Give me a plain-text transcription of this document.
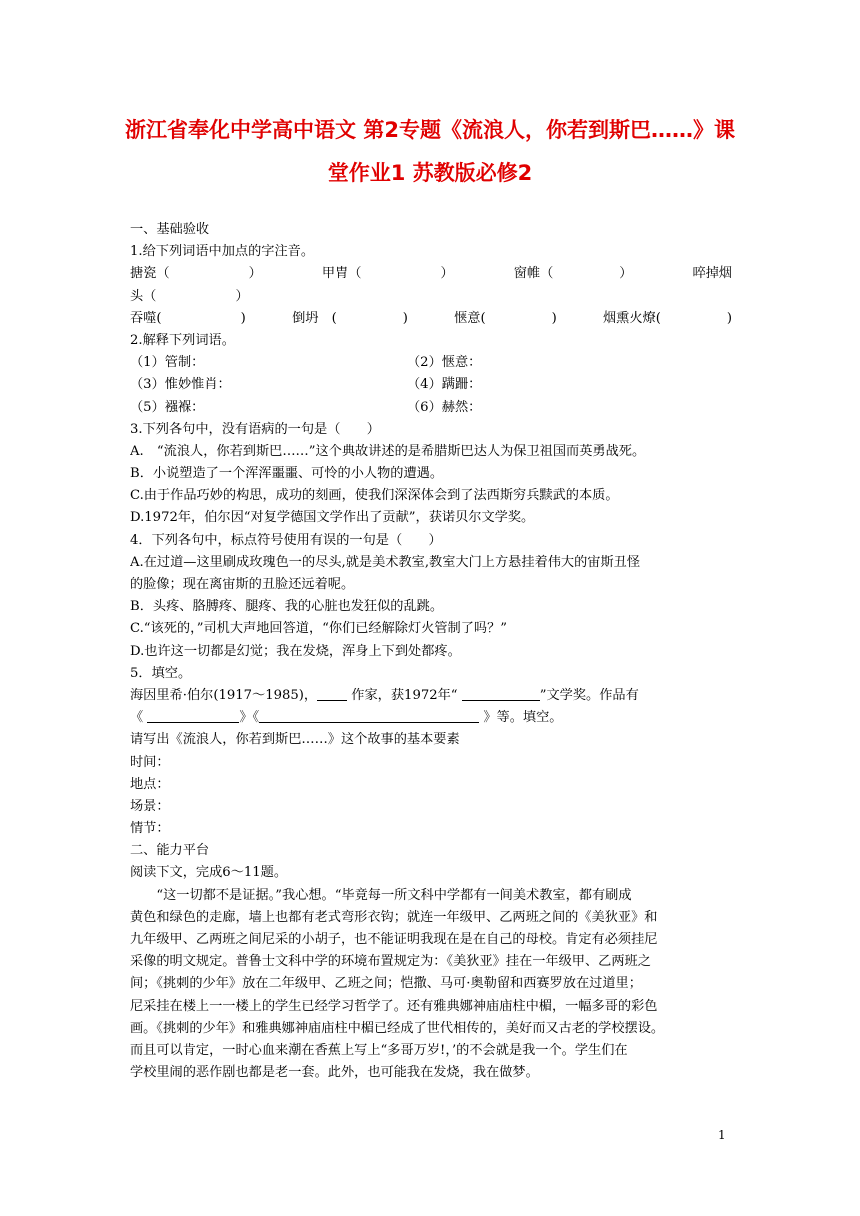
浙江省奉化中学高中语文 第2专题《流浪人，你若到斯巴……》课
堂作业1 苏教版必修2
一、基础验收
1.给下列词语中加点的字注音。
搪瓷（　　　　　　）	甲胄（　　　　　　）	窗帷（　　　　　）	啐掉烟
头（　　　　　　）
吞噬(　　　　　　)	倒坍　(　　　　　)	惬意(　　　　　)	烟熏火燎(　　　　　)
2.解释下列词语。
（1）管制：	（2）惬意：
（3）惟妙惟肖：	（4）蹒跚：
（5）襁褓：	（6）赫然：
3.下列各句中，没有语病的一句是（　　）
A.　“流浪人，你若到斯巴……”这个典故讲述的是希腊斯巴达人为保卫祖国而英勇战死。
B．小说塑造了一个浑浑噩噩、可怜的小人物的遭遇。
C.由于作品巧妙的构思，成功的刻画，使我们深深体会到了法西斯穷兵黩武的本质。
D.1972年，伯尔因“对复学德国文学作出了贡献”，获诺贝尔文学奖。
4．下列各句中，标点符号使用有误的一句是（　　）
A.在过道—这里刷成玫瑰色一的尽头,就是美术教室,教室大门上方悬挂着伟大的宙斯丑怪
的脸像；现在离宙斯的丑脸还远着呢。
B．头疼、胳膊疼、腿疼、我的心脏也发狂似的乱跳。
C.“该死的，”司机大声地回答道，“你们已经解除灯火管制了吗？”
D.也许这一切都是幻觉；我在发烧，浑身上下到处都疼。
5．填空。
海因里希·伯尔(1917～1985)， 作家，获1972年“	”文学奖。作品有
《	》《	》等。填空。
请写出《流浪人，你若到斯巴……》这个故事的基本要素
时间：
地点：
场景：
情节：
二、能力平台
阅读下文，完成6～11题。
　　“这一切都不是证据。”我心想。“毕竟每一所文科中学都有一间美术教室，都有刷成
黄色和绿色的走廊，墙上也都有老式弯形衣钩；就连一年级甲、乙两班之间的《美狄亚》和
九年级甲、乙两班之间尼采的小胡子，也不能证明我现在是在自己的母校。肯定有必须挂尼
采像的明文规定。普鲁士文科中学的环境布置规定为：《美狄亚》挂在一年级甲、乙两班之
间；《挑刺的少年》放在二年级甲、乙班之间；恺撒、马可·奥勒留和西赛罗放在过道里；
尼采挂在楼上一一楼上的学生已经学习哲学了。还有雅典娜神庙庙柱中楣，一幅多哥的彩色
画。《挑刺的少年》和雅典娜神庙庙柱中楣已经成了世代相传的，美好而又古老的学校摆设。
而且可以肯定，一时心血来潮在香蕉上写上“多哥万岁!，’的不会就是我一个。学生们在
学校里闹的恶作剧也都是老一套。此外，也可能我在发烧，我在做梦。
1
